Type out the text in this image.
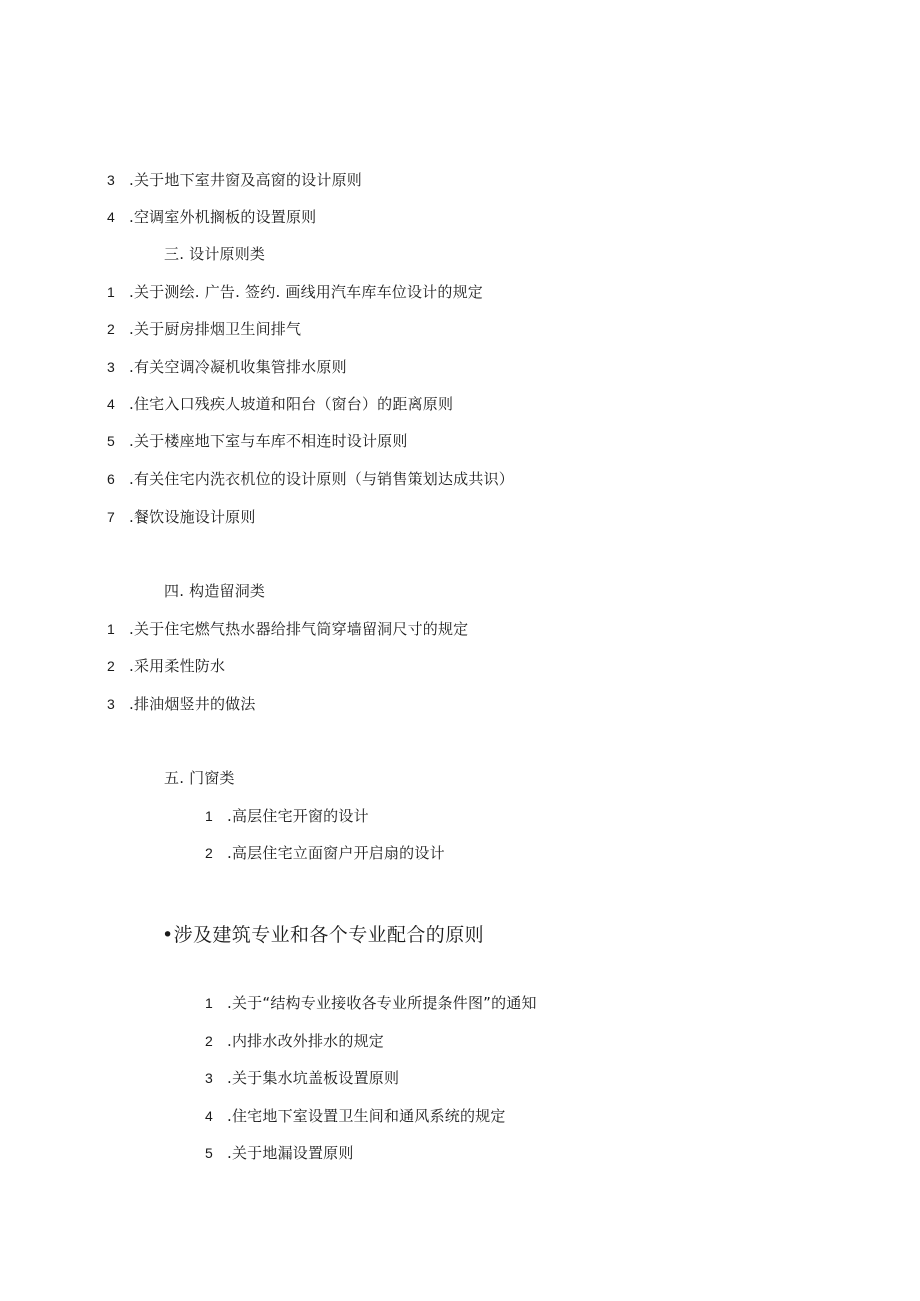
3 .关于地下室井窗及高窗的设计原则
4 .空调室外机搁板的设置原则
三. 设计原则类
1 .关于测绘. 广告. 签约. 画线用汽车库车位设计的规定
2 .关于厨房排烟卫生间排气
3 .有关空调冷凝机收集管排水原则
4 .住宅入口残疾人坡道和阳台（窗台）的距离原则
5 .关于楼座地下室与车库不相连时设计原则
6 .有关住宅内洗衣机位的设计原则（与销售策划达成共识）
7 .餐饮设施设计原则
四. 构造留洞类
1 .关于住宅燃气热水器给排气筒穿墙留洞尺寸的规定
2 .采用柔性防水
3 .排油烟竖井的做法
五. 门窗类
1 .高层住宅开窗的设计
2 .高层住宅立面窗户开启扇的设计
•涉及建筑专业和各个专业配合的原则
1 .关于“结构专业接收各专业所提条件图”的通知
2 .内排水改外排水的规定
3 .关于集水坑盖板设置原则
4 .住宅地下室设置卫生间和通风系统的规定
5 .关于地漏设置原则
